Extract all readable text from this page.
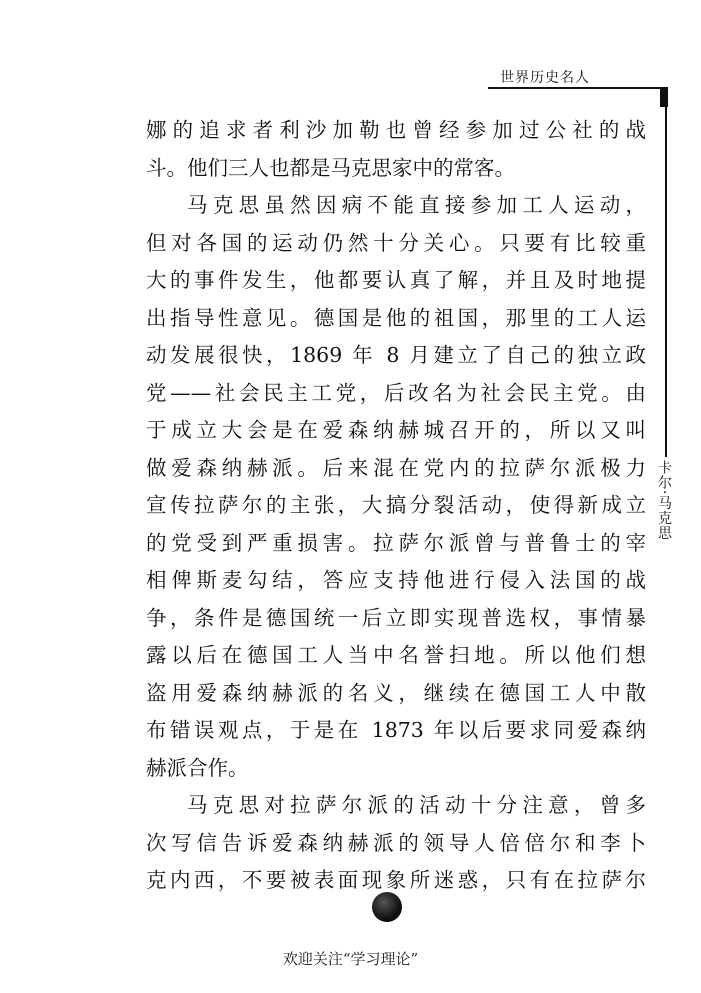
世界历史名人
卡尔·马克思
娜的追求者利沙加勒也曾经参加过公社的战
斗。他们三人也都是马克思家中的常客。
马克思虽然因病不能直接参加工人运动，
但对各国的运动仍然十分关心。只要有比较重
大的事件发生，他都要认真了解，并且及时地提
出指导性意见。德国是他的祖国，那里的工人运
动发展很快，1869 年 8 月建立了自己的独立政
党——社会民主工党，后改名为社会民主党。由
于成立大会是在爱森纳赫城召开的，所以又叫
做爱森纳赫派。后来混在党内的拉萨尔派极力
宣传拉萨尔的主张，大搞分裂活动，使得新成立
的党受到严重损害。拉萨尔派曾与普鲁士的宰
相俾斯麦勾结，答应支持他进行侵入法国的战
争，条件是德国统一后立即实现普选权，事情暴
露以后在德国工人当中名誉扫地。所以他们想
盗用爱森纳赫派的名义，继续在德国工人中散
布错误观点，于是在 1873 年以后要求同爱森纳
赫派合作。
马克思对拉萨尔派的活动十分注意，曾多
次写信告诉爱森纳赫派的领导人倍倍尔和李卜
克内西，不要被表面现象所迷惑，只有在拉萨尔
欢迎关注“学习理论”
